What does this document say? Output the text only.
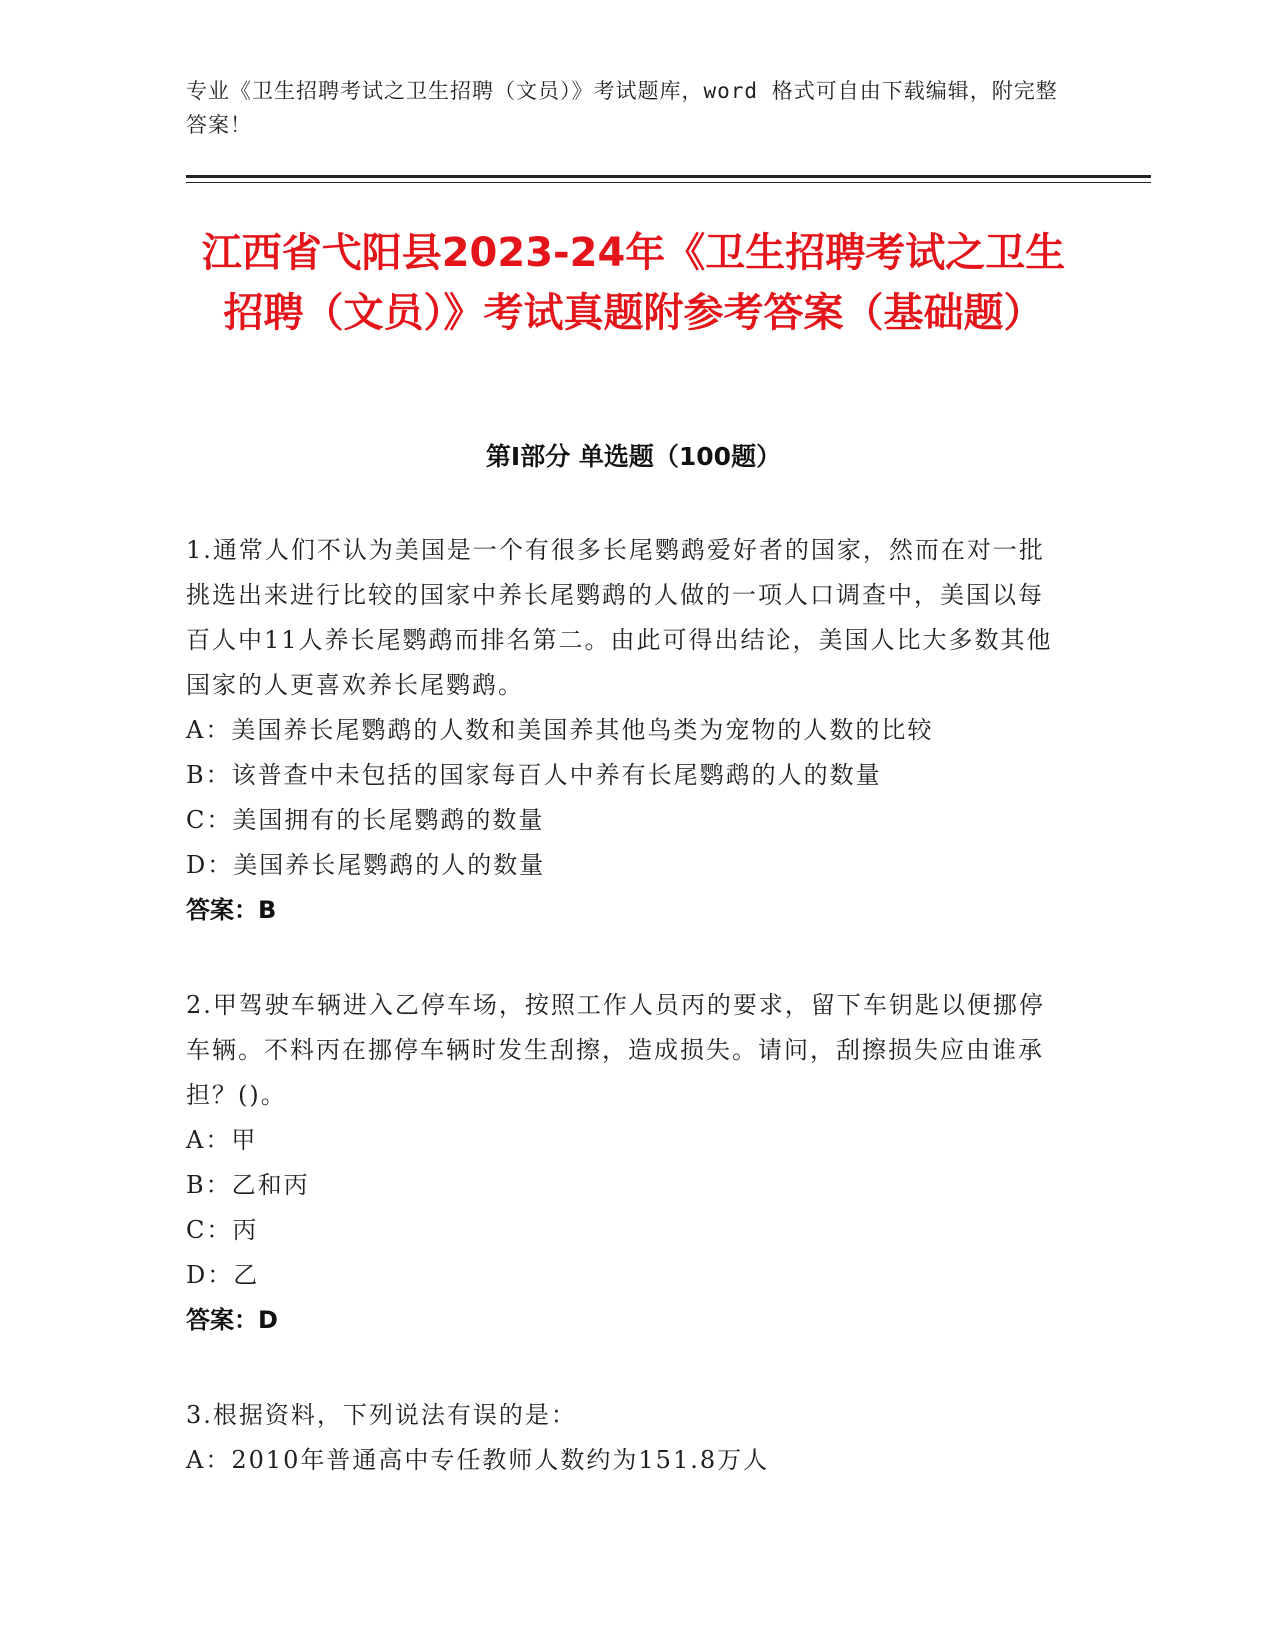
专业《卫生招聘考试之卫生招聘（文员）》考试题库，word 格式可自由下载编辑，附完整答案！
江西省弋阳县2023-24年《卫生招聘考试之卫生招聘（文员）》考试真题附参考答案（基础题）
第Ⅰ部分 单选题（100题）
1.通常人们不认为美国是一个有很多长尾鹦鹉爱好者的国家，然而在对一批挑选出来进行比较的国家中养长尾鹦鹉的人做的一项人口调查中，美国以每百人中11人养长尾鹦鹉而排名第二。由此可得出结论，美国人比大多数其他国家的人更喜欢养长尾鹦鹉。
A：美国养长尾鹦鹉的人数和美国养其他鸟类为宠物的人数的比较
B：该普查中未包括的国家每百人中养有长尾鹦鹉的人的数量
C：美国拥有的长尾鹦鹉的数量
D：美国养长尾鹦鹉的人的数量
答案：B
2.甲驾驶车辆进入乙停车场，按照工作人员丙的要求，留下车钥匙以便挪停车辆。不料丙在挪停车辆时发生刮擦，造成损失。请问，刮擦损失应由谁承担？()。
A：甲
B：乙和丙
C：丙
D：乙
答案：D
3.根据资料，下列说法有误的是：
A：2010年普通高中专任教师人数约为151.8万人
